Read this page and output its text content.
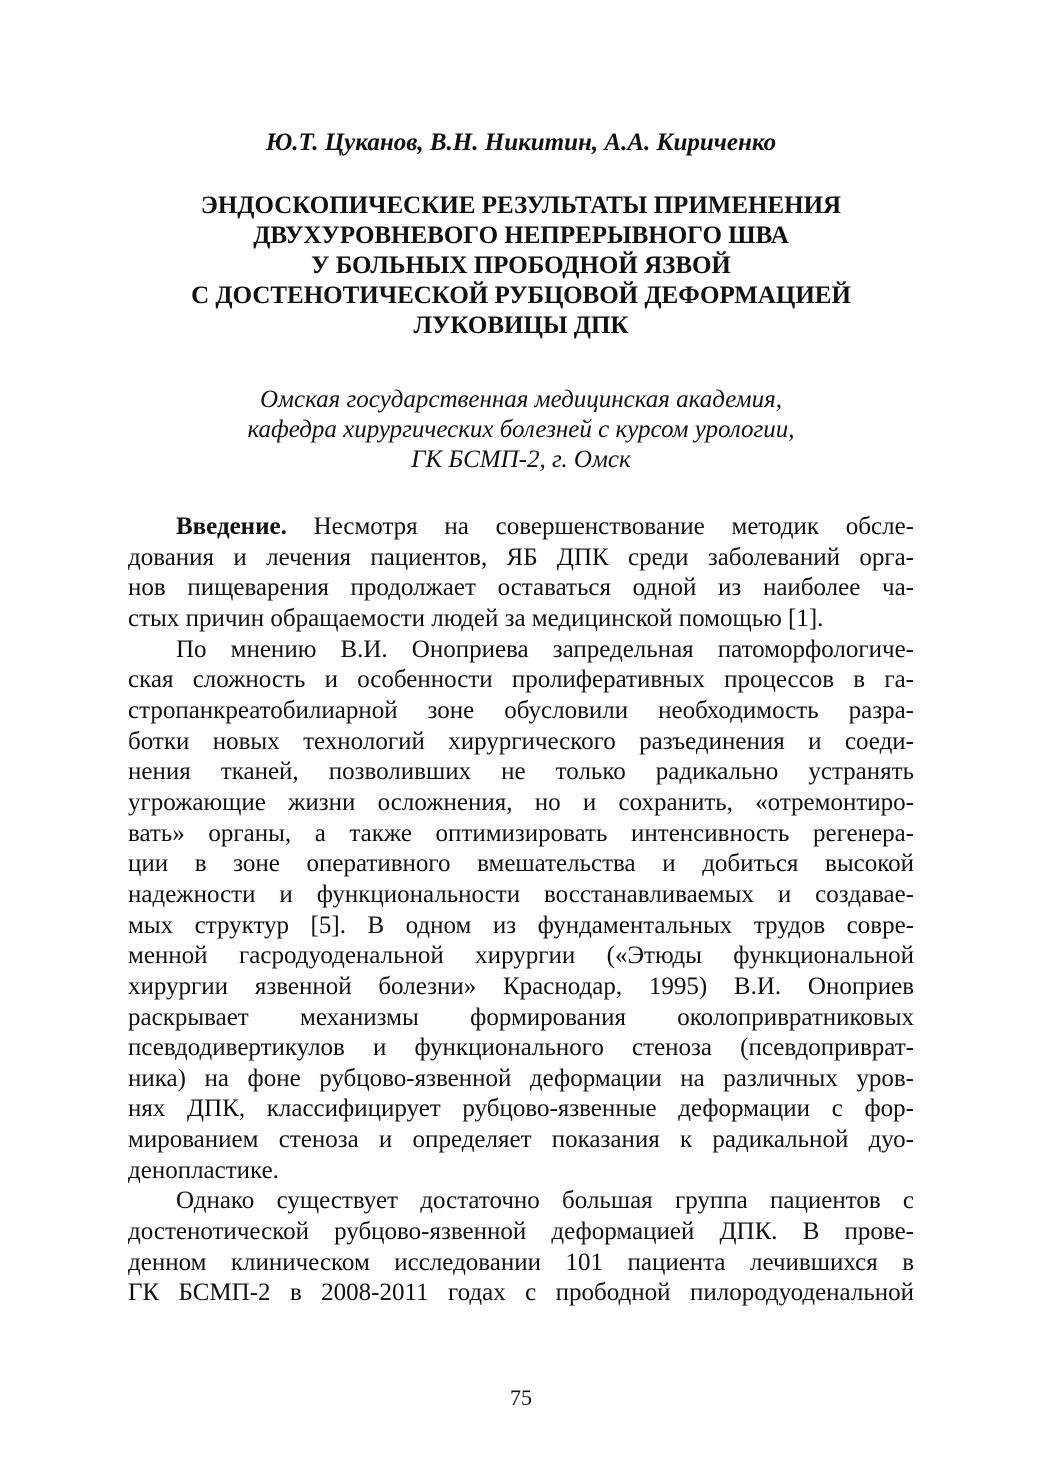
Ю.Т. Цуканов, В.Н. Никитин, А.А. Кириченко
ЭНДОСКОПИЧЕСКИЕ РЕЗУЛЬТАТЫ ПРИМЕНЕНИЯ
ДВУХУРОВНЕВОГО НЕПРЕРЫВНОГО ШВА
У БОЛЬНЫХ ПРОБОДНОЙ ЯЗВОЙ
С ДОСТЕНОТИЧЕСКОЙ РУБЦОВОЙ ДЕФОРМАЦИЕЙ
ЛУКОВИЦЫ ДПК
Омская государственная медицинская академия,
кафедра хирургических болезней с курсом урологии,
ГК БСМП-2, г. Омск
Введение. Несмотря на совершенствование методик обсле-
дования и лечения пациентов, ЯБ ДПК среди заболеваний орга-
нов пищеварения продолжает оставаться одной из наиболее ча-
стых причин обращаемости людей за медицинской помощью [1].
По мнению В.И. Оноприева запредельная патоморфологиче-
ская сложность и особенности пролиферативных процессов в га-
стропанкреатобилиарной зоне обусловили необходимость разра-
ботки новых технологий хирургического разъединения и соеди-
нения тканей, позволивших не только радикально устранять
угрожающие жизни осложнения, но и сохранить, «отремонтиро-
вать» органы, а также оптимизировать интенсивность регенера-
ции в зоне оперативного вмешательства и добиться высокой
надежности и функциональности восстанавливаемых и создавае-
мых структур [5]. В одном из фундаментальных трудов совре-
менной гасродуоденальной хирургии («Этюды функциональной
хирургии язвенной болезни» Краснодар, 1995) В.И. Оноприев
раскрывает механизмы формирования околопривратниковых
псевдодивертикулов и функционального стеноза (псевдоприврат-
ника) на фоне рубцово-язвенной деформации на различных уров-
нях ДПК, классифицирует рубцово-язвенные деформации с фор-
мированием стеноза и определяет показания к радикальной дуо-
денопластике.
Однако существует достаточно большая группа пациентов с
достенотической рубцово-язвенной деформацией ДПК. В прове-
денном клиническом исследовании 101 пациента лечившихся в
ГК БСМП-2 в 2008-2011 годах с прободной пилородуоденальной
75
